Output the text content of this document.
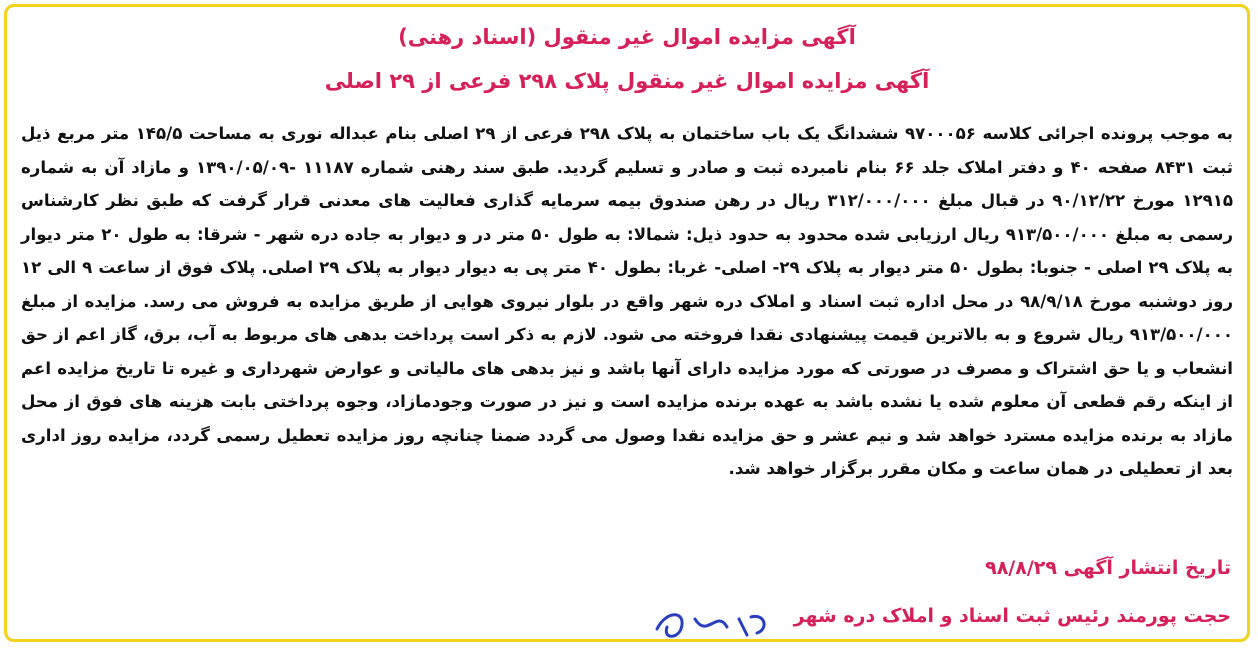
آگهی مزایده اموال غیر منقول (اسناد رهنی)
آگهی مزایده اموال غیر منقول پلاک ۲۹۸ فرعی از ۲۹ اصلی
به موجب پرونده اجرائی کلاسه ۹۷۰۰۰۵۶ ششدانگ یک باب ساختمان به پلاک ۲۹۸ فرعی از ۲۹ اصلی بنام عبداله نوری به مساحت ۱۴۵/۵ متر مربع ذیل ثبت ۸۴۳۱ صفحه ۴۰ و دفتر املاک جلد ۶۶ بنام نامبرده ثبت و صادر و تسلیم گردید. طبق سند رهنی شماره ۱۱۱۸۷ -۱۳۹۰/۰۵/۰۹ و مازاد آن به شماره ۱۲۹۱۵ مورخ ۹۰/۱۲/۲۲ در قبال مبلغ ۳۱۲/۰۰۰/۰۰۰ ریال در رهن صندوق بیمه سرمایه گذاری فعالیت های معدنی قرار گرفت که طبق نظر کارشناس رسمی به مبلغ ۹۱۳/۵۰۰/۰۰۰ ریال ارزیابی شده محدود به حدود ذیل: شمالا: به طول ۵۰ متر در و دیوار به جاده دره شهر - شرقا: به طول ۲۰ متر دیوار به پلاک ۲۹ اصلی - جنوبا: بطول ۵۰ متر دیوار به پلاک ۲۹- اصلی- غربا: بطول ۴۰ متر پی به دیوار دیوار به پلاک ۲۹ اصلی. پلاک فوق از ساعت ۹ الی ۱۲ روز دوشنبه مورخ ۹۸/۹/۱۸ در محل اداره ثبت اسناد و املاک دره شهر واقع در بلوار نیروی هوایی از طریق مزایده به فروش می رسد. مزایده از مبلغ ۹۱۳/۵۰۰/۰۰۰ ریال شروع و به بالاترین قیمت پیشنهادی نقدا فروخته می شود. لازم به ذکر است پرداخت بدهی های مربوط به آب، برق، گاز اعم از حق انشعاب و یا حق اشتراک و مصرف در صورتی که مورد مزایده دارای آنها باشد و نیز بدهی های مالیاتی و عوارض شهرداری و غیره تا تاریخ مزایده اعم از اینکه رقم قطعی آن معلوم شده یا نشده باشد به عهده برنده مزایده است و نیز در صورت وجودمازاد، وجوه پرداختی بابت هزینه های فوق از محل مازاد به برنده مزایده مسترد خواهد شد و نیم عشر و حق مزایده نقدا وصول می گردد ضمنا چنانچه روز مزایده تعطیل رسمی گردد، مزایده روز اداری بعد از تعطیلی در همان ساعت و مکان مقرر برگزار خواهد شد.
تاریخ انتشار آگهی ۹۸/۸/۲۹
حجت پورمند رئیس ثبت اسناد و املاک دره شهر
